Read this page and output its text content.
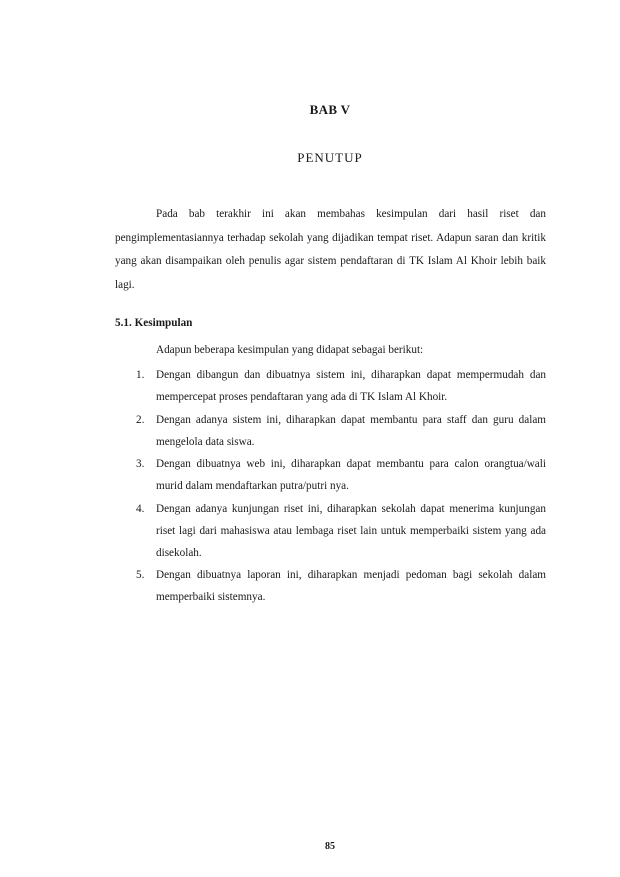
BAB V
PENUTUP

Pada bab terakhir ini akan membahas kesimpulan dari hasil riset dan pengimplementasiannya terhadap sekolah yang dijadikan tempat riset. Adapun saran dan kritik yang akan disampaikan oleh penulis agar sistem pendaftaran di TK Islam Al Khoir lebih baik lagi.

5.1. Kesimpulan

Adapun beberapa kesimpulan yang didapat sebagai berikut:

1. Dengan dibangun dan dibuatnya sistem ini, diharapkan dapat mempermudah dan mempercepat proses pendaftaran yang ada di TK Islam Al Khoir.
2. Dengan adanya sistem ini, diharapkan dapat membantu para staff dan guru dalam mengelola data siswa.
3. Dengan dibuatnya web ini, diharapkan dapat membantu para calon orangtua/wali murid dalam mendaftarkan putra/putri nya.
4. Dengan adanya kunjungan riset ini, diharapkan sekolah dapat menerima kunjungan riset lagi dari mahasiswa atau lembaga riset lain untuk memperbaiki sistem yang ada disekolah.
5. Dengan dibuatnya laporan ini, diharapkan menjadi pedoman bagi sekolah dalam memperbaiki sistemnya.
85
